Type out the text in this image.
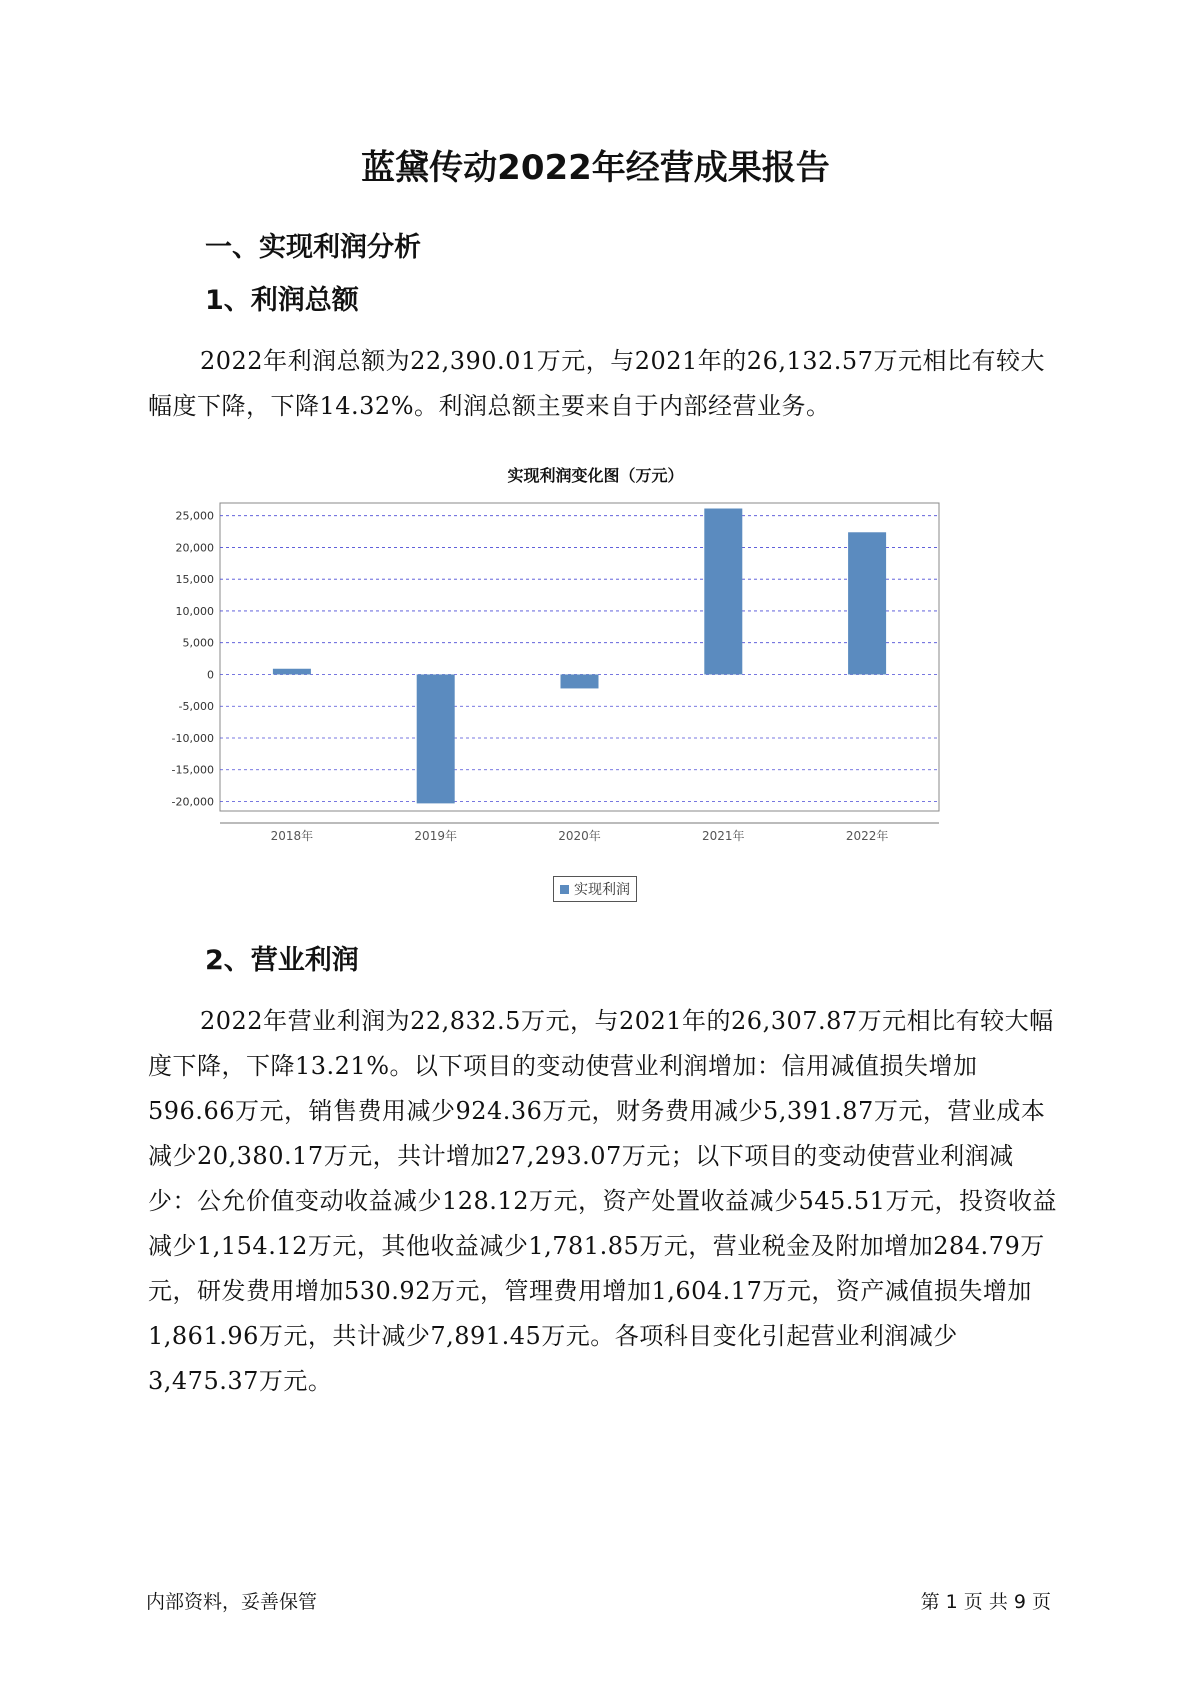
蓝黛传动2022年经营成果报告
一、实现利润分析
1、利润总额
2022年利润总额为22,390.01万元，与2021年的26,132.57万元相比有较大幅度下降，下降14.32%。利润总额主要来自于内部经营业务。
实现利润变化图（万元）
25,000
20,000
15,000
10,000
5,000
0
-5,000
-10,000
-15,000
-20,000
2018年	2019年	2020年	2021年	2022年
实现利润
2、营业利润
2022年营业利润为22,832.5万元，与2021年的26,307.87万元相比有较大幅度下降，下降13.21%。以下项目的变动使营业利润增加：信用减值损失增加596.66万元，销售费用减少924.36万元，财务费用减少5,391.87万元，营业成本减少20,380.17万元，共计增加27,293.07万元；以下项目的变动使营业利润减少：公允价值变动收益减少128.12万元，资产处置收益减少545.51万元，投资收益减少1,154.12万元，其他收益减少1,781.85万元，营业税金及附加增加284.79万元，研发费用增加530.92万元，管理费用增加1,604.17万元，资产减值损失增加1,861.96万元，共计减少7,891.45万元。各项科目变化引起营业利润减少3,475.37万元。
内部资料，妥善保管	第 1 页 共 9 页
